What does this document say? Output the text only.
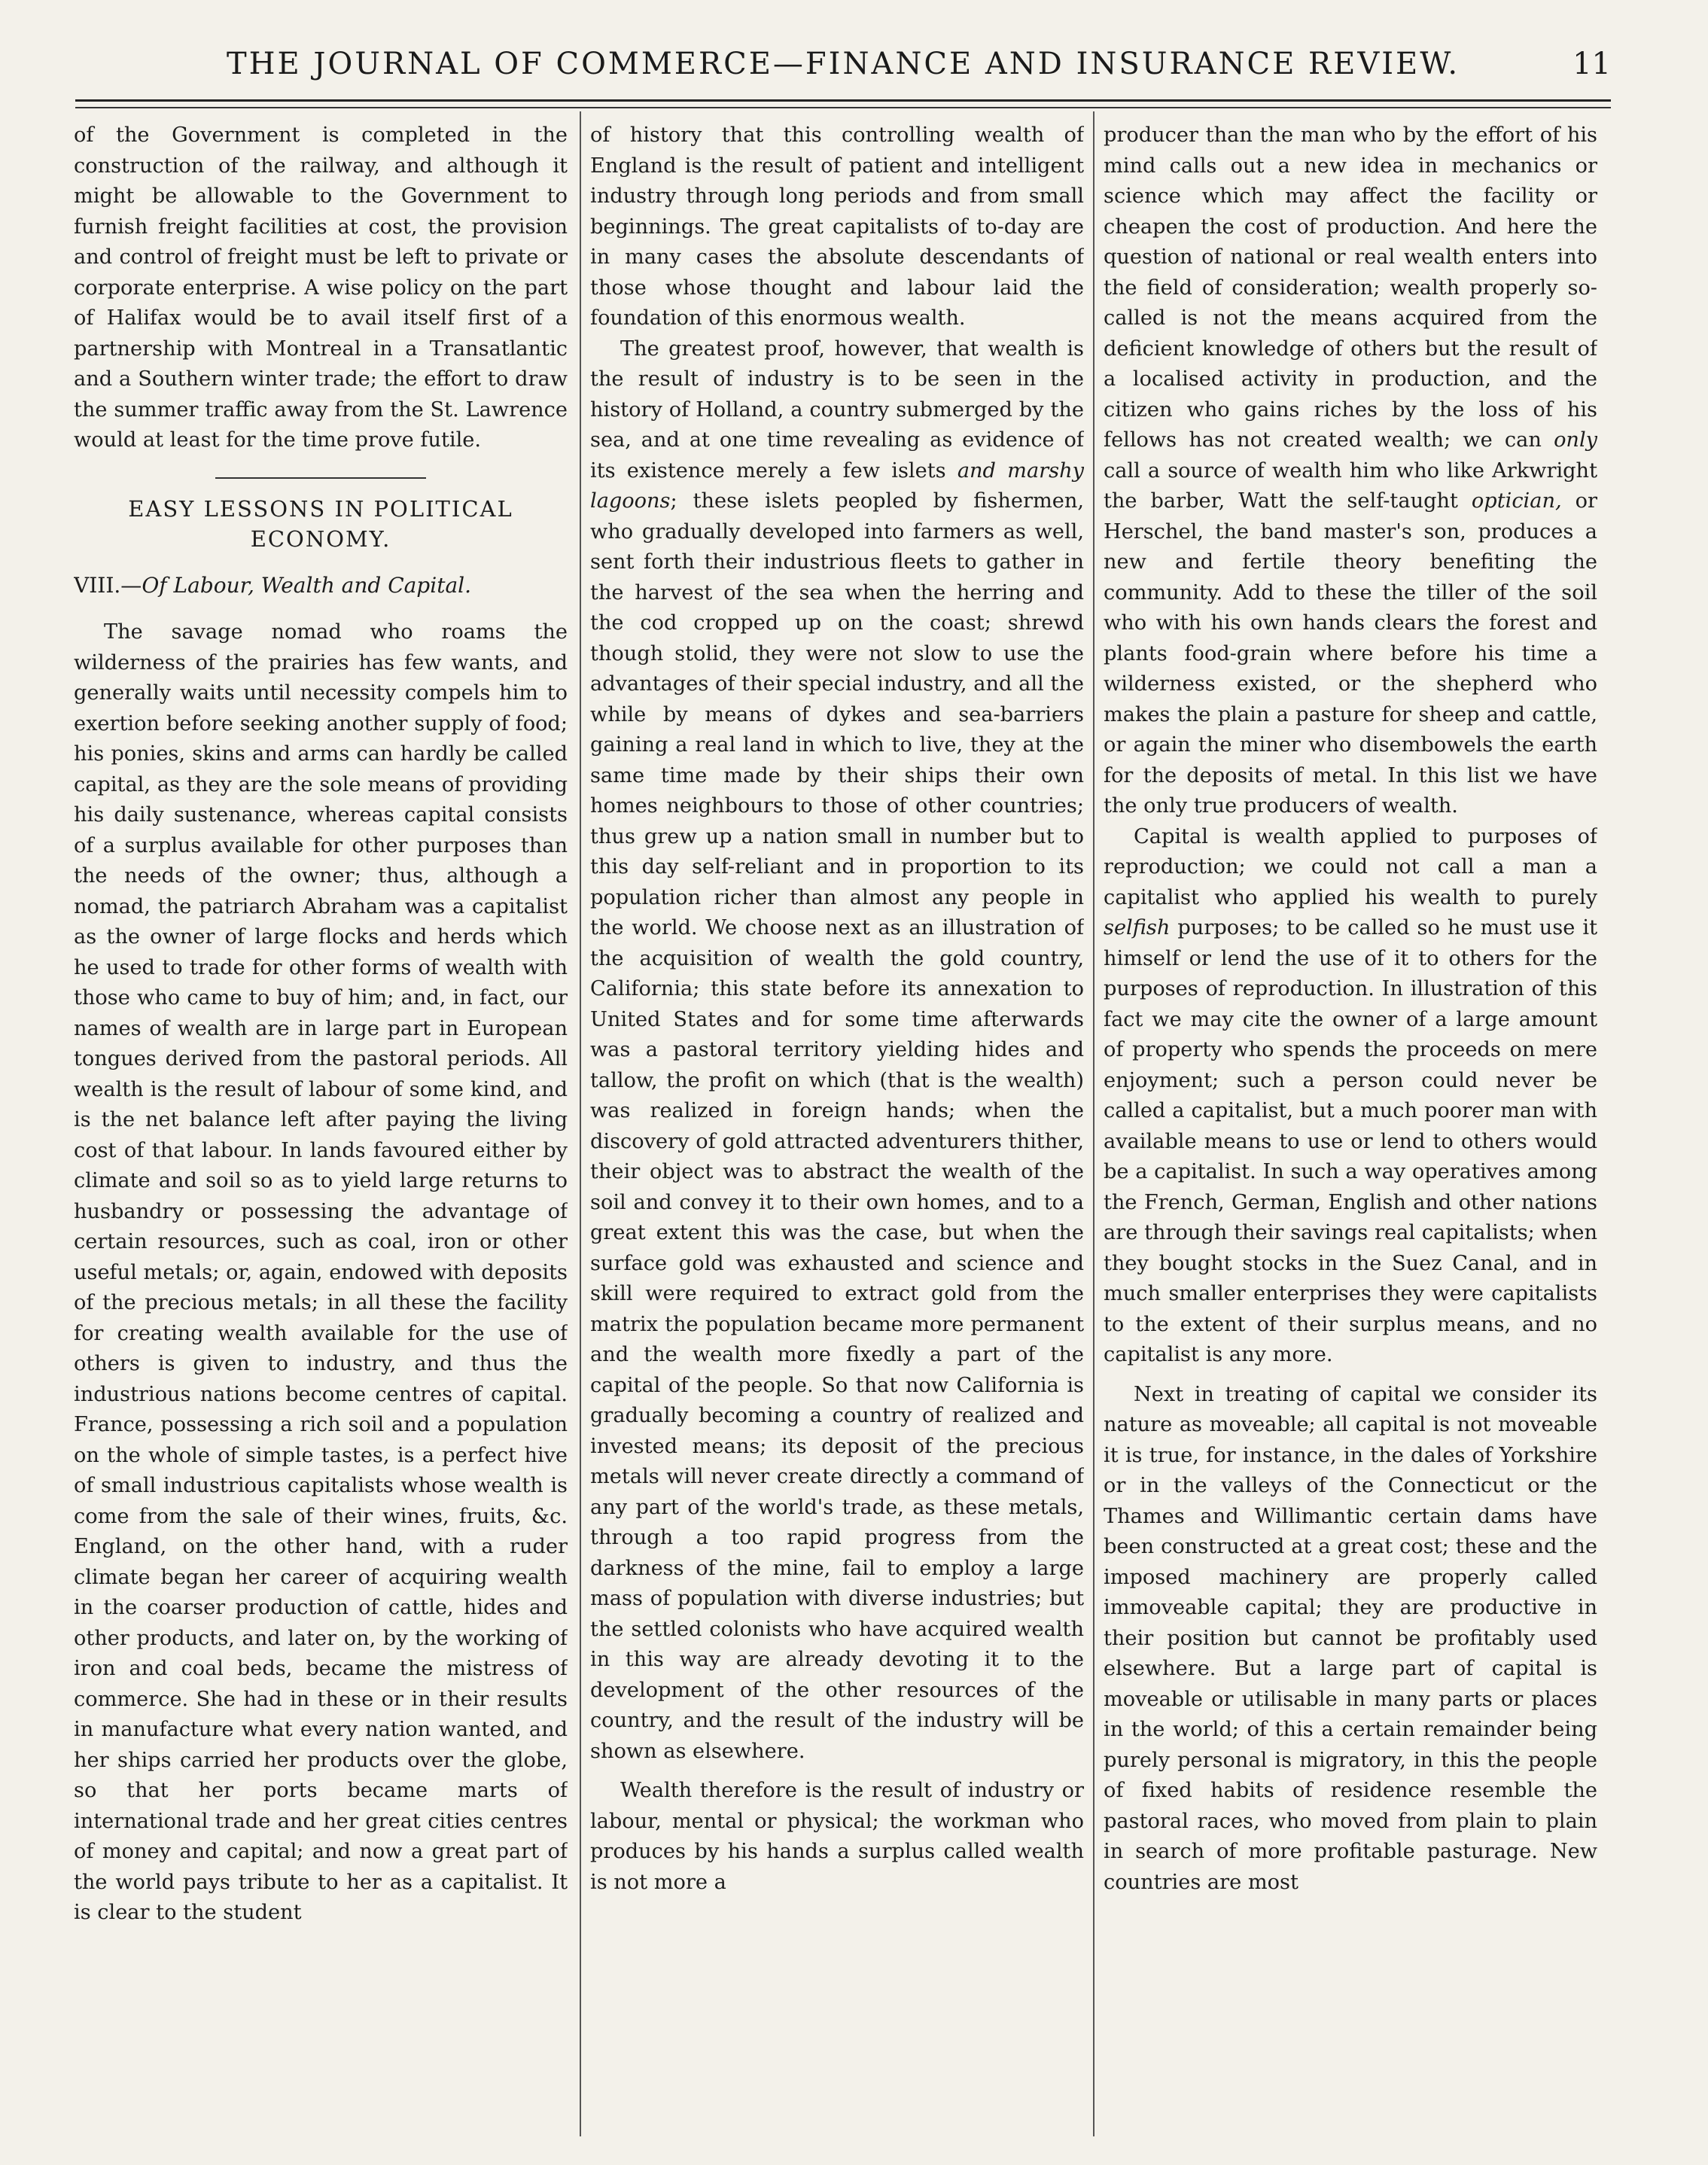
THE JOURNAL OF COMMERCE—FINANCE AND INSURANCE REVIEW.	11

of the Government is completed in the construction of the railway, and although it might be allowable to the Government to furnish freight facilities at cost, the provision and control of freight must be left to private or corporate enterprise. A wise policy on the part of Halifax would be to avail itself first of a partnership with Montreal in a Transatlantic and a Southern winter trade; the effort to draw the summer traffic away from the St. Lawrence would at least for the time prove futile.

EASY LESSONS IN POLITICAL ECONOMY.
VIII.—Of Labour, Wealth and Capital.

The savage nomad who roams the wilderness of the prairies has few wants, and generally waits until necessity compels him to exertion before seeking another supply of food; his ponies, skins and arms can hardly be called capital, as they are the sole means of providing his daily sustenance, whereas capital consists of a surplus available for other purposes than the needs of the owner; thus, although a nomad, the patriarch Abraham was a capitalist as the owner of large flocks and herds which he used to trade for other forms of wealth with those who came to buy of him; and, in fact, our names of wealth are in large part in European tongues derived from the pastoral periods. All wealth is the result of labour of some kind, and is the net balance left after paying the living cost of that labour. In lands favoured either by climate and soil so as to yield large returns to husbandry or possessing the advantage of certain resources, such as coal, iron or other useful metals; or, again, endowed with deposits of the precious metals; in all these the facility for creating wealth available for the use of others is given to industry, and thus the industrious nations become centres of capital. France, possessing a rich soil and a population on the whole of simple tastes, is a perfect hive of small industrious capitalists whose wealth is come from the sale of their wines, fruits, &c. England, on the other hand, with a ruder climate began her career of acquiring wealth in the coarser production of cattle, hides and other products, and later on, by the working of iron and coal beds, became the mistress of commerce. She had in these or in their results in manufacture what every nation wanted, and her ships carried her products over the globe, so that her ports became marts of international trade and her great cities centres of money and capital; and now a great part of the world pays tribute to her as a capitalist. It is clear to the student

of history that this controlling wealth of England is the result of patient and intelligent industry through long periods and from small beginnings. The great capitalists of to-day are in many cases the absolute descendants of those whose thought and labour laid the foundation of this enormous wealth.

The greatest proof, however, that wealth is the result of industry is to be seen in the history of Holland, a country submerged by the sea, and at one time revealing as evidence of its existence merely a few islets and marshy lagoons; these islets peopled by fishermen, who gradually developed into farmers as well, sent forth their industrious fleets to gather in the harvest of the sea when the herring and the cod cropped up on the coast; shrewd though stolid, they were not slow to use the advantages of their special industry, and all the while by means of dykes and sea-barriers gaining a real land in which to live, they at the same time made by their ships their own homes neighbours to those of other countries; thus grew up a nation small in number but to this day self-reliant and in proportion to its population richer than almost any people in the world. We choose next as an illustration of the acquisition of wealth the gold country, California; this state before its annexation to United States and for some time afterwards was a pastoral territory yielding hides and tallow, the profit on which (that is the wealth) was realized in foreign hands; when the discovery of gold attracted adventurers thither, their object was to abstract the wealth of the soil and convey it to their own homes, and to a great extent this was the case, but when the surface gold was exhausted and science and skill were required to extract gold from the matrix the population became more permanent and the wealth more fixedly a part of the capital of the people. So that now California is gradually becoming a country of realized and invested means; its deposit of the precious metals will never create directly a command of any part of the world's trade, as these metals, through a too rapid progress from the darkness of the mine, fail to employ a large mass of population with diverse industries; but the settled colonists who have acquired wealth in this way are already devoting it to the development of the other resources of the country, and the result of the industry will be shown as elsewhere.

Wealth therefore is the result of industry or labour, mental or physical; the workman who produces by his hands a surplus called wealth is not more a

producer than the man who by the effort of his mind calls out a new idea in mechanics or science which may affect the facility or cheapen the cost of production. And here the question of national or real wealth enters into the field of consideration; wealth properly so-called is not the means acquired from the deficient knowledge of others but the result of a localised activity in production, and the citizen who gains riches by the loss of his fellows has not created wealth; we can only call a source of wealth him who like Arkwright the barber, Watt the self-taught optician, or Herschel, the band master's son, produces a new and fertile theory benefiting the community. Add to these the tiller of the soil who with his own hands clears the forest and plants food-grain where before his time a wilderness existed, or the shepherd who makes the plain a pasture for sheep and cattle, or again the miner who disembowels the earth for the deposits of metal. In this list we have the only true producers of wealth.

Capital is wealth applied to purposes of reproduction; we could not call a man a capitalist who applied his wealth to purely selfish purposes; to be called so he must use it himself or lend the use of it to others for the purposes of reproduction. In illustration of this fact we may cite the owner of a large amount of property who spends the proceeds on mere enjoyment; such a person could never be called a capitalist, but a much poorer man with available means to use or lend to others would be a capitalist. In such a way operatives among the French, German, English and other nations are through their savings real capitalists; when they bought stocks in the Suez Canal, and in much smaller enterprises they were capitalists to the extent of their surplus means, and no capitalist is any more.

Next in treating of capital we consider its nature as moveable; all capital is not moveable it is true, for instance, in the dales of Yorkshire or in the valleys of the Connecticut or the Thames and Willimantic certain dams have been constructed at a great cost; these and the imposed machinery are properly called immoveable capital; they are productive in their position but cannot be profitably used elsewhere. But a large part of capital is moveable or utilisable in many parts or places in the world; of this a certain remainder being purely personal is migratory, in this the people of fixed habits of residence resemble the pastoral races, who moved from plain to plain in search of more profitable pasturage. New countries are most
